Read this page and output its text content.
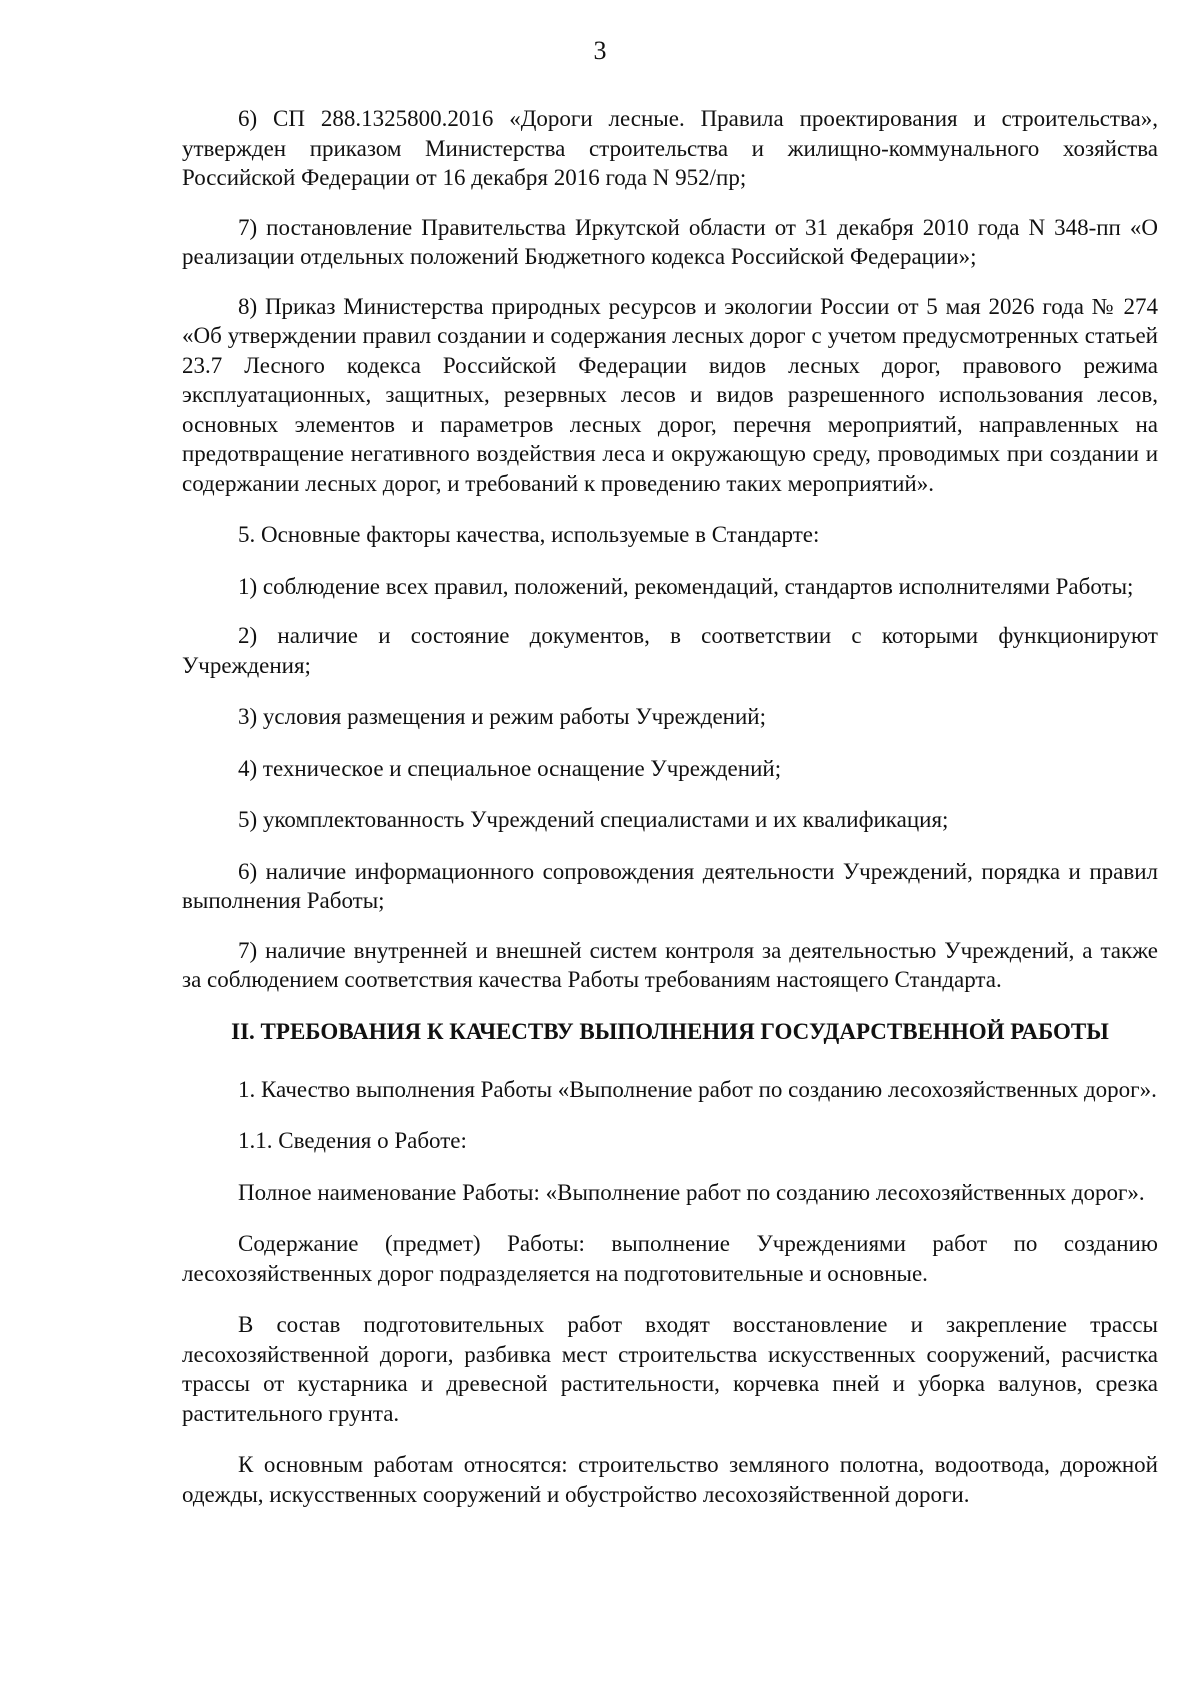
3

6) СП 288.1325800.2016 «Дороги лесные. Правила проектирования и строительства», утвержден приказом Министерства строительства и жилищно-коммунального хозяйства Российской Федерации от 16 декабря 2016 года N 952/пр;

7) постановление Правительства Иркутской области от 31 декабря 2010 года N 348-пп «О реализации отдельных положений Бюджетного кодекса Российской Федерации»;

8) Приказ Министерства природных ресурсов и экологии России от 5 мая 2026 года № 274 «Об утверждении правил создании и содержания лесных дорог с учетом предусмотренных статьей 23.7 Лесного кодекса Российской Федерации видов лесных дорог, правового режима эксплуатационных, защитных, резервных лесов и видов разрешенного использования лесов, основных элементов и параметров лесных дорог, перечня мероприятий, направленных на предотвращение негативного воздействия леса и окружающую среду, проводимых при создании и содержании лесных дорог, и требований к проведению таких мероприятий».

5. Основные факторы качества, используемые в Стандарте:

1) соблюдение всех правил, положений, рекомендаций, стандартов исполнителями Работы;

2) наличие и состояние документов, в соответствии с которыми функционируют Учреждения;

3) условия размещения и режим работы Учреждений;

4) техническое и специальное оснащение Учреждений;

5) укомплектованность Учреждений специалистами и их квалификация;

6) наличие информационного сопровождения деятельности Учреждений, порядка и правил выполнения Работы;

7) наличие внутренней и внешней систем контроля за деятельностью Учреждений, а также за соблюдением соответствия качества Работы требованиям настоящего Стандарта.

II. ТРЕБОВАНИЯ К КАЧЕСТВУ ВЫПОЛНЕНИЯ ГОСУДАРСТВЕННОЙ РАБОТЫ

1. Качество выполнения Работы «Выполнение работ по созданию лесохозяйственных дорог».

1.1. Сведения о Работе:

Полное наименование Работы: «Выполнение работ по созданию лесохозяйственных дорог».

Содержание (предмет) Работы: выполнение Учреждениями работ по созданию лесохозяйственных дорог подразделяется на подготовительные и основные.

В состав подготовительных работ входят восстановление и закрепление трассы лесохозяйственной дороги, разбивка мест строительства искусственных сооружений, расчистка трассы от кустарника и древесной растительности, корчевка пней и уборка валунов, срезка растительного грунта.

К основным работам относятся: строительство земляного полотна, водоотвода, дорожной одежды, искусственных сооружений и обустройство лесохозяйственной дороги.
